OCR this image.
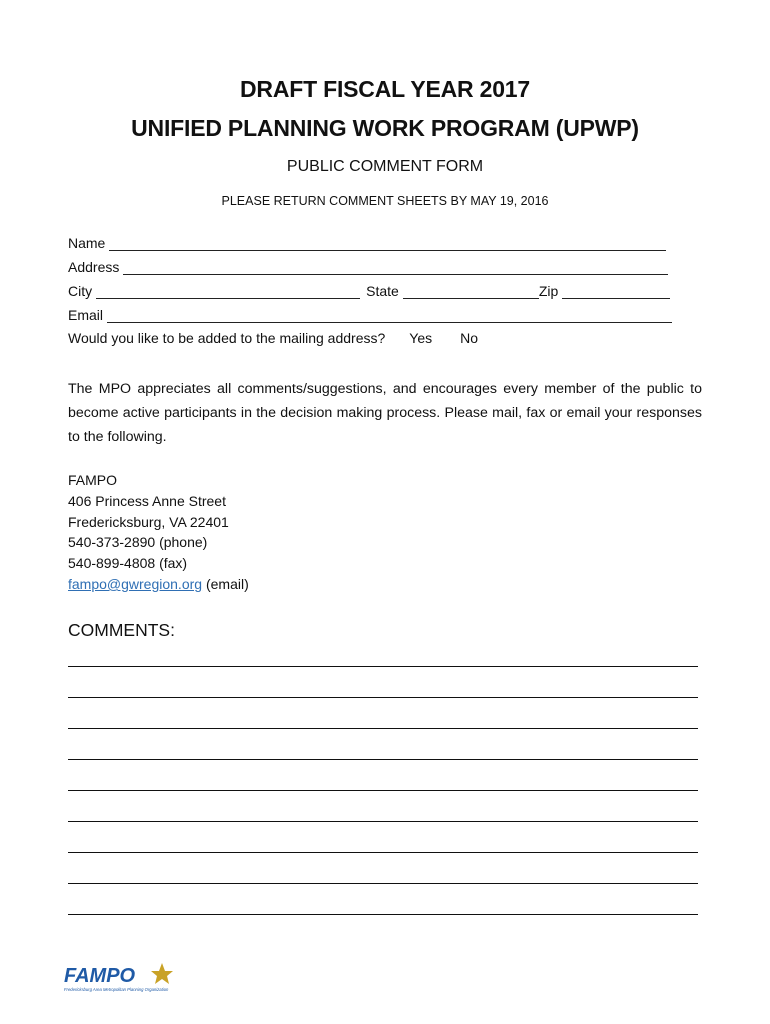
DRAFT FISCAL YEAR 2017
UNIFIED PLANNING WORK PROGRAM (UPWP)
PUBLIC COMMENT FORM
PLEASE RETURN COMMENT SHEETS BY MAY 19, 2016
Name
Address
City	State	Zip
Email
Would you like to be added to the mailing address? Yes No
The MPO appreciates all comments/suggestions, and encourages every member of the public to become active participants in the decision making process. Please mail, fax or email your responses to the following.
FAMPO
406 Princess Anne Street
Fredericksburg, VA 22401
540-373-2890 (phone)
540-899-4808 (fax)
fampo@gwregion.org (email)
COMMENTS:
FAMPO
Fredericksburg Area Metropolitan Planning Organization
